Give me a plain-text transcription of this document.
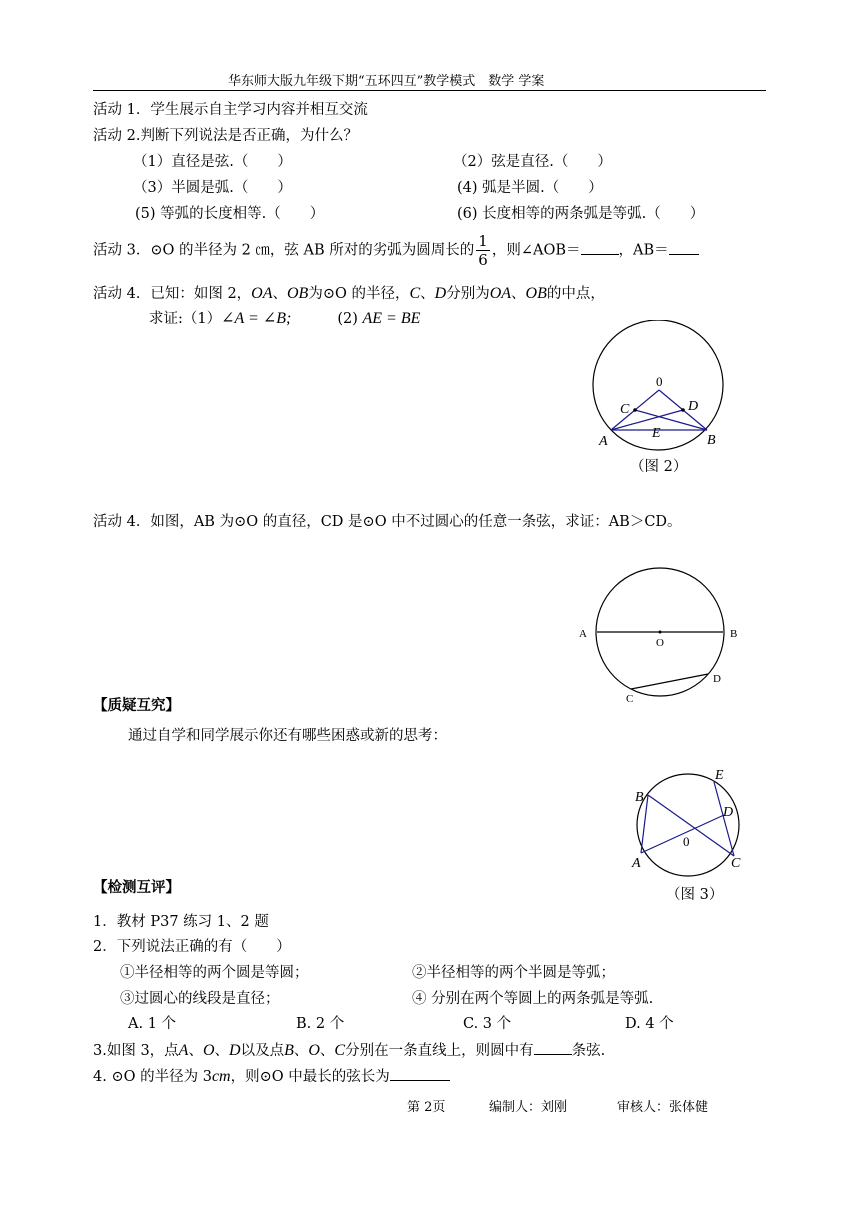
华东师大版九年级下期“五环四互”教学模式　数学 学案
活动 1．学生展示自主学习内容并相互交流
活动 2.判断下列说法是否正确，为什么？
（1）直径是弦.（　　）	（2）弦是直径.（　　）
（3）半圆是弧.（　　）	(4) 弧是半圆.（　　）
(5) 等弧的长度相等.（　　）	(6) 长度相等的两条弧是等弧.（　　）
活动 3．⊙O 的半径为 2 ㎝，弦 AB 所对的劣弧为圆周长的 $\frac{1}{6}$ ，则∠AOB＝	，AB＝
活动 4．已知：如图 2，OA、OB为⊙O 的半径，C、D分别为OA、OB的中点，
求证:（1）∠A = ∠B;	(2) AE = BE
0
C	D
E
A	B
（图 2）
活动 4．如图，AB 为⊙O 的直径，CD 是⊙O 中不过圆心的任意一条弦，求证：AB＞CD。
A
O
B
C
D
【质疑互究】
通过自学和同学展示你还有哪些困惑或新的思考：
E
B
D
0
A	C
（图 3）
【检测互评】
1．教材 P37 练习 1、2 题
2．下列说法正确的有（　　）
①半径相等的两个圆是等圆；	②半径相等的两个半圆是等弧；
③过圆心的线段是直径；	④ 分别在两个等圆上的两条弧是等弧.
A. 1 个	B. 2 个	C. 3 个	D. 4 个
3.如图 3，点A、O、D以及点B、O、C分别在一条直线上，则圆中有	条弦.
4. ⊙O 的半径为 3cm，则⊙O 中最长的弦长为
第 2页	编制人：刘刚	审核人：张体健
